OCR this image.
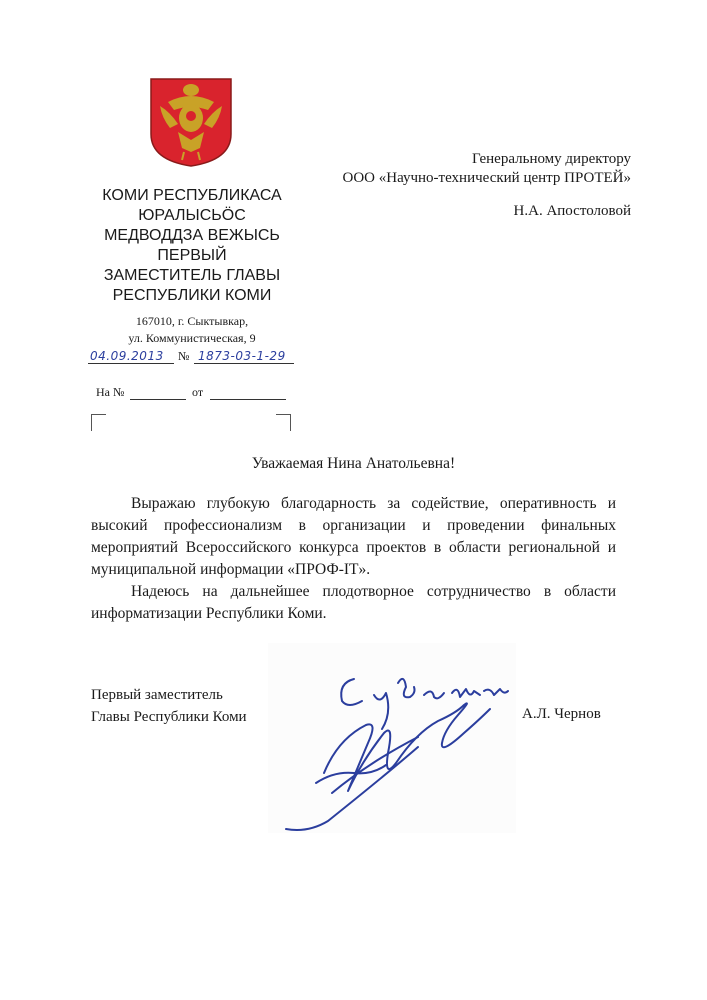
КОМИ РЕСПУБЛИКАСА
ЮРАЛЫСЬÖС
МЕДВОДДЗА ВЕЖЫСЬ
ПЕРВЫЙ
ЗАМЕСТИТЕЛЬ ГЛАВЫ
РЕСПУБЛИКИ КОМИ
167010, г. Сыктывкар,
ул. Коммунистическая, 9
04.09.2013 № 1873-03-1-29
На №	от
Генеральному директору
ООО «Научно-технический центр ПРОТЕЙ»
Н.А. Апостоловой
Уважаемая Нина Анатольевна!

Выражаю глубокую благодарность за содействие, оперативность и высокий профессионализм в организации и проведении финальных мероприятий Всероссийского конкурса проектов в области региональной и муниципальной информации «ПРОФ-IT».

Надеюсь на дальнейшее плодотворное сотрудничество в области информатизации Республики Коми.

Первый заместитель
Главы Республики Коми	А.Л. Чернов
